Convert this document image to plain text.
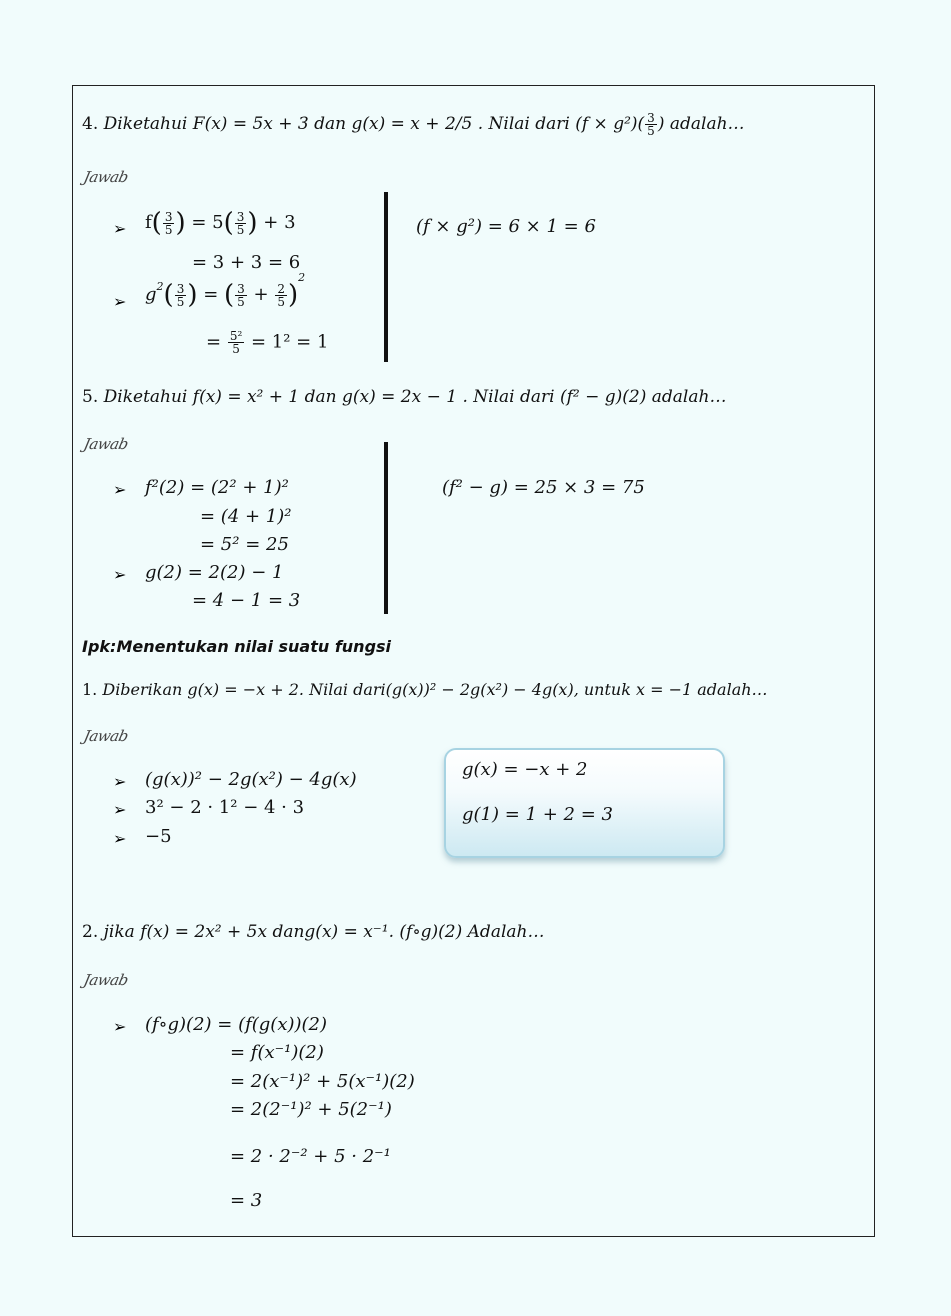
4. Diketahui F(x) = 5x + 3 dan g(x) = x + 2/5 . Nilai dari $(f \times g^2)( \frac{3}{5}$ ) adalah…
Jawab
➢ $f( \frac{3}{5}$ ) = $5( \frac{3}{5}$ ) + 3
= 3 + 3 = 6
➢ $g^2( \frac{3}{5}$ ) = ( $\frac{3}{5} + \frac{2}{5} )^2$
= $\frac{\text{5²}}{5} = 1^2 = 1$
(f × g²) = 6 × 1 = 6
5. Diketahui f(x) = x² + 1 dan g(x) = 2x − 1 . Nilai dari (f² − g)(2) adalah…
Jawab
➢ f²(2) = (2² + 1)²
= (4 + 1)²
= 5² = 25
➢ g(2) = 2(2) − 1
= 4 − 1 = 3
(f² − g) = 25 × 3 = 75
Ipk:Menentukan nilai suatu fungsi
1. Diberikan g(x) = −x + 2. Nilai dari(g(x))² − 2g(x²) − 4g(x), untuk x = −1 adalah…
Jawab
➢ (g(x))² − 2g(x²) − 4g(x)
➢ 3² − 2 · 1² − 4 · 3
➢ −5
g(x) = −x + 2
g(1) = 1 + 2 = 3
2. jika f(x) = 2x² + 5x dang(x) = x⁻¹. (f∘g)(2) Adalah…
Jawab
➢ (f∘g)(2) = (f(g(x))(2)
= f(x⁻¹)(2)
= 2(x⁻¹)² + 5(x⁻¹)(2)
= 2(2⁻¹)² + 5(2⁻¹)
= 2 · 2⁻² + 5 · 2⁻¹
= 3
